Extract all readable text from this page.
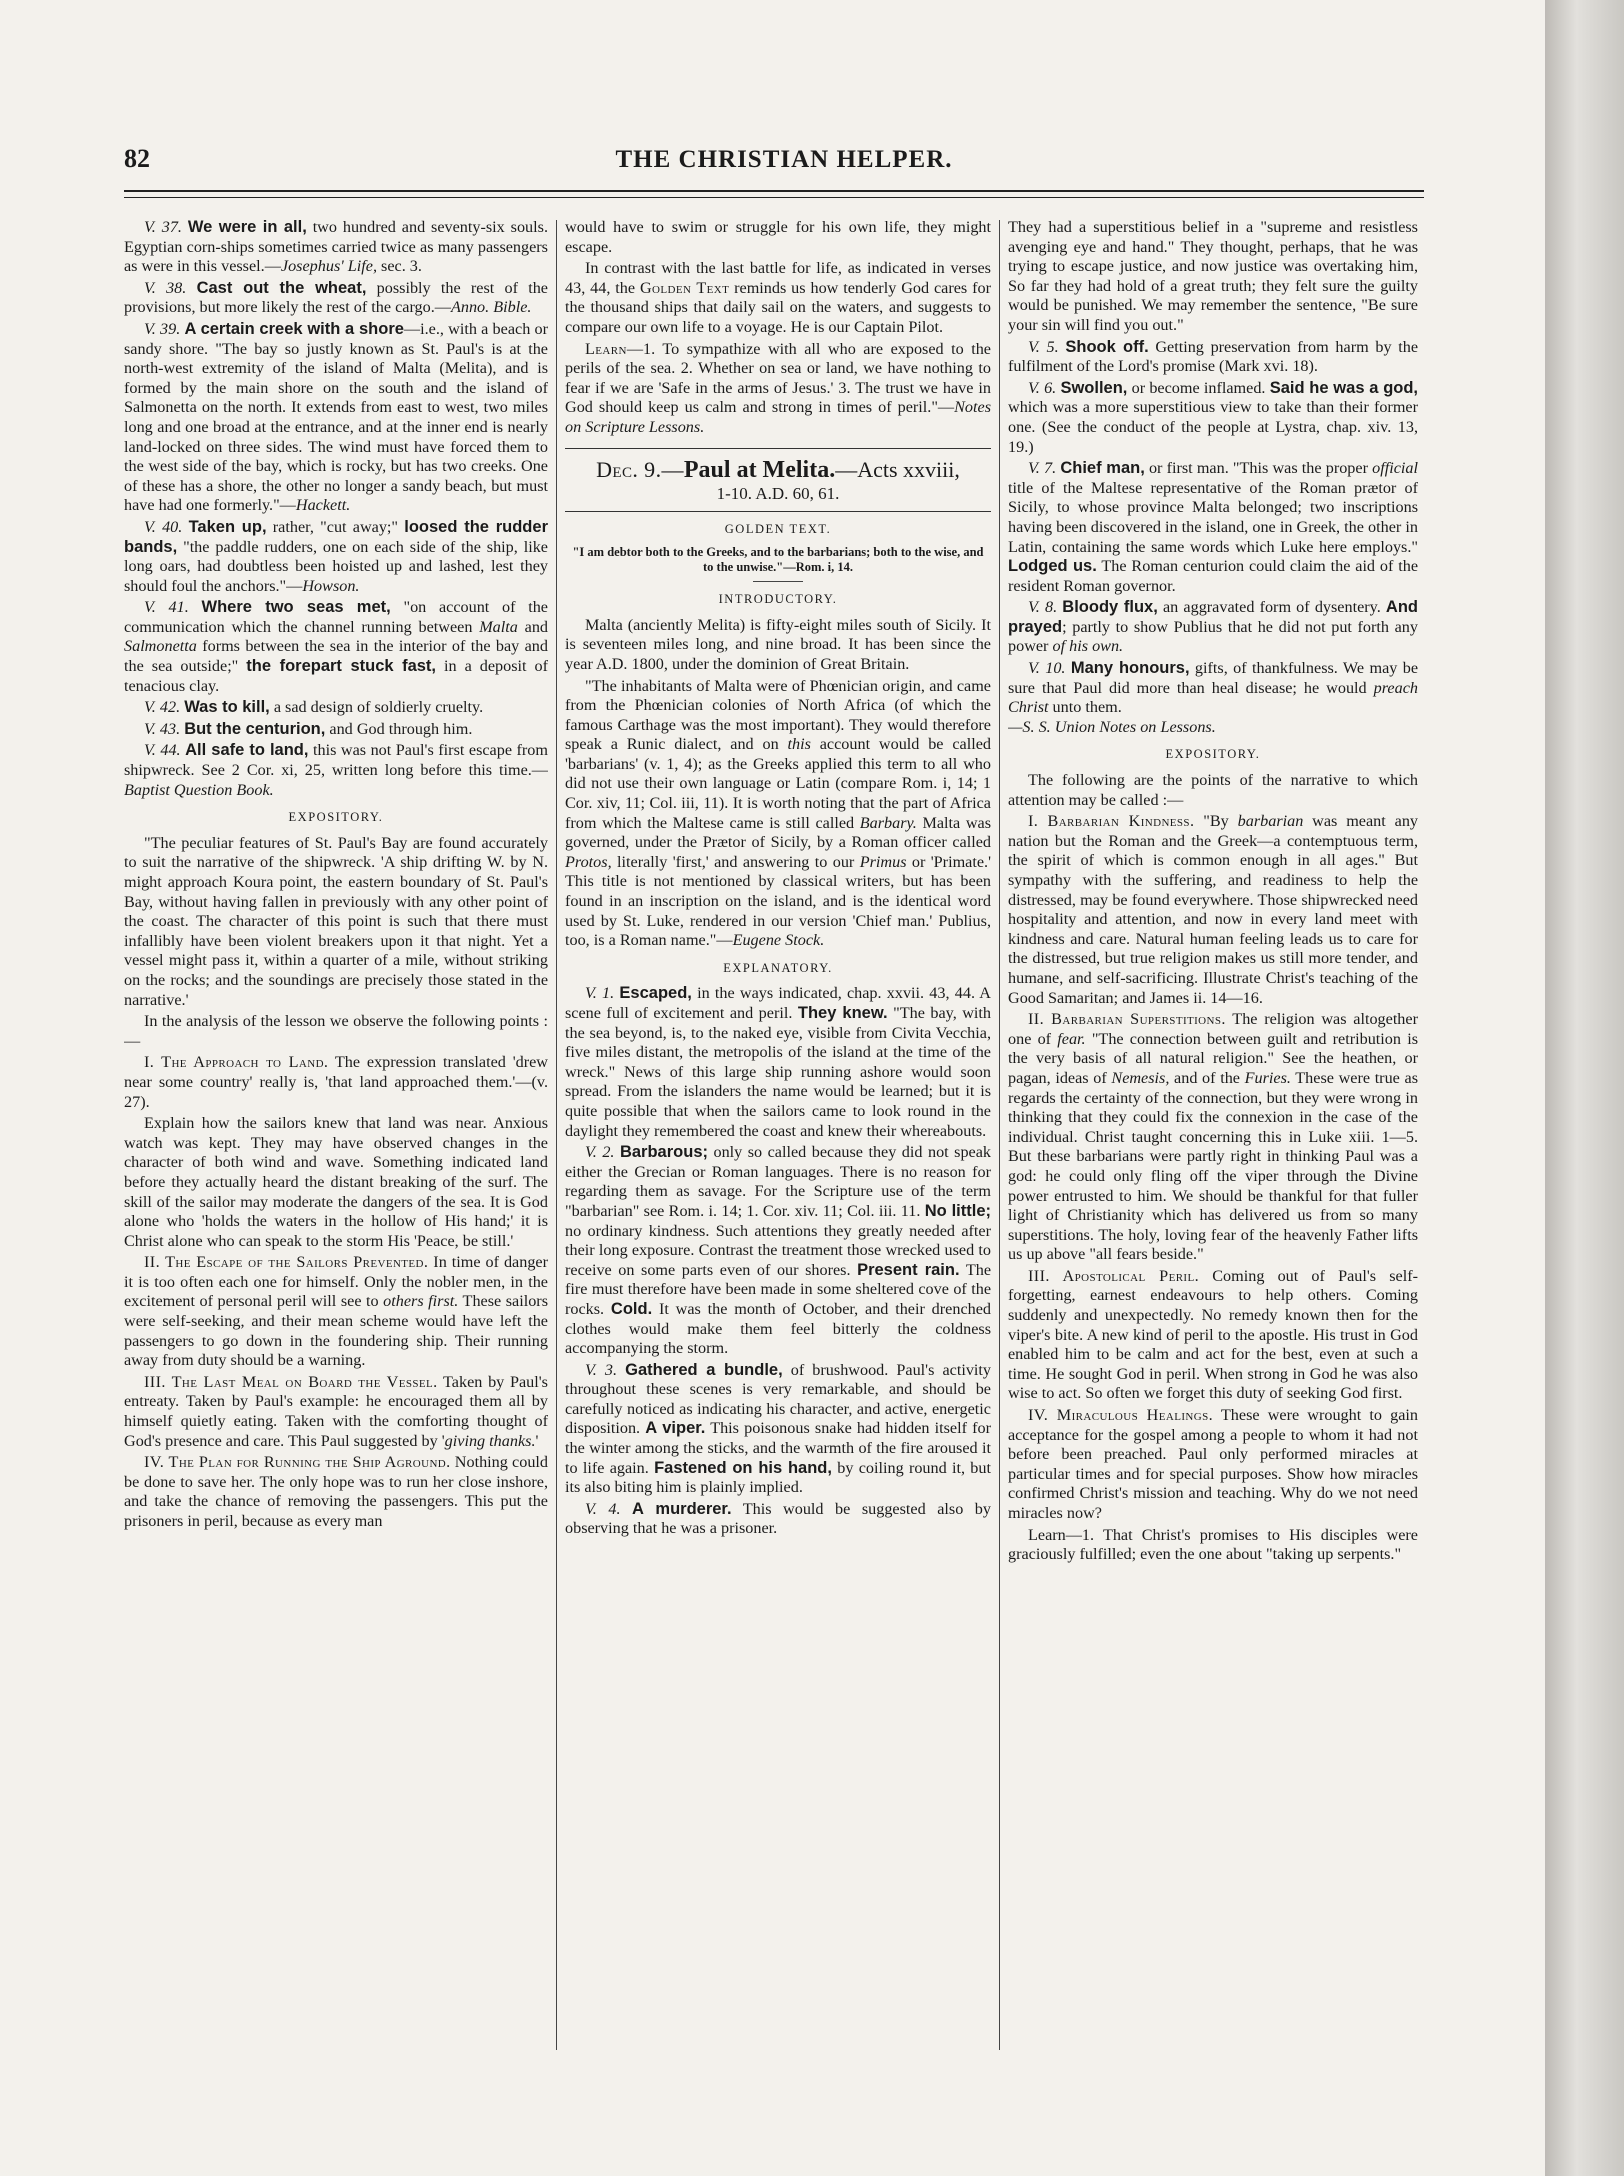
82	THE CHRISTIAN HELPER.

V. 37. We were in all, two hundred and seventy-six souls. Egyptian corn-ships sometimes carried twice as many passengers as were in this vessel.—Josephus' Life, sec. 3.

V. 38. Cast out the wheat, possibly the rest of the provisions, but more likely the rest of the cargo.—Anno. Bible.

V. 39. A certain creek with a shore—i.e., with a beach or sandy shore. "The bay so justly known as St. Paul's is at the north-west extremity of the island of Malta (Melita), and is formed by the main shore on the south and the island of Salmonetta on the north. It extends from east to west, two miles long and one broad at the entrance, and at the inner end is nearly land-locked on three sides. The wind must have forced them to the west side of the bay, which is rocky, but has two creeks. One of these has a shore, the other no longer a sandy beach, but must have had one formerly."—Hackett.

V. 40. Taken up, rather, "cut away;" loosed the rudder bands, "the paddle rudders, one on each side of the ship, like long oars, had doubtless been hoisted up and lashed, lest they should foul the anchors."—Howson.

V. 41. Where two seas met, "on account of the communication which the channel running between Malta and Salmonetta forms between the sea in the interior of the bay and the sea outside;" the forepart stuck fast, in a deposit of tenacious clay.

V. 42. Was to kill, a sad design of soldierly cruelty.

V. 43. But the centurion, and God through him.

V. 44. All safe to land, this was not Paul's first escape from shipwreck. See 2 Cor. xi, 25, written long before this time.—Baptist Question Book.

EXPOSITORY.

"The peculiar features of St. Paul's Bay are found accurately to suit the narrative of the shipwreck. 'A ship drifting W. by N. might approach Koura point, the eastern boundary of St. Paul's Bay, without having fallen in previously with any other point of the coast. The character of this point is such that there must infallibly have been violent breakers upon it that night. Yet a vessel might pass it, within a quarter of a mile, without striking on the rocks; and the soundings are precisely those stated in the narrative.'

In the analysis of the lesson we observe the following points :—

I. The Approach to Land. The expression translated 'drew near some country' really is, 'that land approached them.'—(v. 27).

Explain how the sailors knew that land was near. Anxious watch was kept. They may have observed changes in the character of both wind and wave. Something indicated land before they actually heard the distant breaking of the surf. The skill of the sailor may moderate the dangers of the sea. It is God alone who 'holds the waters in the hollow of His hand;' it is Christ alone who can speak to the storm His 'Peace, be still.'

II. The Escape of the Sailors Prevented. In time of danger it is too often each one for himself. Only the nobler men, in the excitement of personal peril will see to others first. These sailors were self-seeking, and their mean scheme would have left the passengers to go down in the foundering ship. Their running away from duty should be a warning.

III. The Last Meal on Board the Vessel. Taken by Paul's entreaty. Taken by Paul's example: he encouraged them all by himself quietly eating. Taken with the comforting thought of God's presence and care. This Paul suggested by 'giving thanks.'

IV. The Plan for Running the Ship Aground. Nothing could be done to save her. The only hope was to run her close inshore, and take the chance of removing the passengers. This put the prisoners in peril, because as every man

would have to swim or struggle for his own life, they might escape.

In contrast with the last battle for life, as indicated in verses 43, 44, the Golden Text reminds us how tenderly God cares for the thousand ships that daily sail on the waters, and suggests to compare our own life to a voyage. He is our Captain Pilot.

Learn—1. To sympathize with all who are exposed to the perils of the sea. 2. Whether on sea or land, we have nothing to fear if we are 'Safe in the arms of Jesus.' 3. The trust we have in God should keep us calm and strong in times of peril."—Notes on Scripture Lessons.

Dec. 9.—Paul at Melita.—Acts xxviii,
1-10. A.D. 60, 61.
GOLDEN TEXT.
"I am debtor both to the Greeks, and to the barbarians; both to the wise, and to the unwise."—Rom. i, 14.
INTRODUCTORY.

Malta (anciently Melita) is fifty-eight miles south of Sicily. It is seventeen miles long, and nine broad. It has been since the year A.D. 1800, under the dominion of Great Britain.

"The inhabitants of Malta were of Phœnician origin, and came from the Phœnician colonies of North Africa (of which the famous Carthage was the most important). They would therefore speak a Runic dialect, and on this account would be called 'barbarians' (v. 1, 4); as the Greeks applied this term to all who did not use their own language or Latin (compare Rom. i, 14; 1 Cor. xiv, 11; Col. iii, 11). It is worth noting that the part of Africa from which the Maltese came is still called Barbary. Malta was governed, under the Prætor of Sicily, by a Roman officer called Protos, literally 'first,' and answering to our Primus or 'Primate.' This title is not mentioned by classical writers, but has been found in an inscription on the island, and is the identical word used by St. Luke, rendered in our version 'Chief man.' Publius, too, is a Roman name."—Eugene Stock.

EXPLANATORY.

V. 1. Escaped, in the ways indicated, chap. xxvii. 43, 44. A scene full of excitement and peril. They knew. "The bay, with the sea beyond, is, to the naked eye, visible from Civita Vecchia, five miles distant, the metropolis of the island at the time of the wreck." News of this large ship running ashore would soon spread. From the islanders the name would be learned; but it is quite possible that when the sailors came to look round in the daylight they remembered the coast and knew their whereabouts.

V. 2. Barbarous; only so called because they did not speak either the Grecian or Roman languages. There is no reason for regarding them as savage. For the Scripture use of the term "barbarian" see Rom. i. 14; 1. Cor. xiv. 11; Col. iii. 11. No little; no ordinary kindness. Such attentions they greatly needed after their long exposure. Contrast the treatment those wrecked used to receive on some parts even of our shores. Present rain. The fire must therefore have been made in some sheltered cove of the rocks. Cold. It was the month of October, and their drenched clothes would make them feel bitterly the coldness accompanying the storm.

V. 3. Gathered a bundle, of brushwood. Paul's activity throughout these scenes is very remarkable, and should be carefully noticed as indicating his character, and active, energetic disposition. A viper. This poisonous snake had hidden itself for the winter among the sticks, and the warmth of the fire aroused it to life again. Fastened on his hand, by coiling round it, but its also biting him is plainly implied.

V. 4. A murderer. This would be suggested also by observing that he was a prisoner.

They had a superstitious belief in a "supreme and resistless avenging eye and hand." They thought, perhaps, that he was trying to escape justice, and now justice was overtaking him, So far they had hold of a great truth; they felt sure the guilty would be punished. We may remember the sentence, "Be sure your sin will find you out."

V. 5. Shook off. Getting preservation from harm by the fulfilment of the Lord's promise (Mark xvi. 18).

V. 6. Swollen, or become inflamed. Said he was a god, which was a more superstitious view to take than their former one. (See the conduct of the people at Lystra, chap. xiv. 13, 19.)

V. 7. Chief man, or first man. "This was the proper official title of the Maltese representative of the Roman prætor of Sicily, to whose province Malta belonged; two inscriptions having been discovered in the island, one in Greek, the other in Latin, containing the same words which Luke here employs." Lodged us. The Roman centurion could claim the aid of the resident Roman governor.

V. 8. Bloody flux, an aggravated form of dysentery. And prayed; partly to show Publius that he did not put forth any power of his own.

V. 10. Many honours, gifts, of thankfulness. We may be sure that Paul did more than heal disease; he would preach Christ unto them.
—S. S. Union Notes on Lessons.

EXPOSITORY.

The following are the points of the narrative to which attention may be called :—

I. Barbarian Kindness. "By barbarian was meant any nation but the Roman and the Greek—a contemptuous term, the spirit of which is common enough in all ages." But sympathy with the suffering, and readiness to help the distressed, may be found everywhere. Those shipwrecked need hospitality and attention, and now in every land meet with kindness and care. Natural human feeling leads us to care for the distressed, but true religion makes us still more tender, and humane, and self-sacrificing. Illustrate Christ's teaching of the Good Samaritan; and James ii. 14—16.

II. Barbarian Superstitions. The religion was altogether one of fear. "The connection between guilt and retribution is the very basis of all natural religion." See the heathen, or pagan, ideas of Nemesis, and of the Furies. These were true as regards the certainty of the connection, but they were wrong in thinking that they could fix the connexion in the case of the individual. Christ taught concerning this in Luke xiii. 1—5. But these barbarians were partly right in thinking Paul was a god: he could only fling off the viper through the Divine power entrusted to him. We should be thankful for that fuller light of Christianity which has delivered us from so many superstitions. The holy, loving fear of the heavenly Father lifts us up above "all fears beside."

III. Apostolical Peril. Coming out of Paul's self-forgetting, earnest endeavours to help others. Coming suddenly and unexpectedly. No remedy known then for the viper's bite. A new kind of peril to the apostle. His trust in God enabled him to be calm and act for the best, even at such a time. He sought God in peril. When strong in God he was also wise to act. So often we forget this duty of seeking God first.

IV. Miraculous Healings. These were wrought to gain acceptance for the gospel among a people to whom it had not before been preached. Paul only performed miracles at particular times and for special purposes. Show how miracles confirmed Christ's mission and teaching. Why do we not need miracles now?

Learn—1. That Christ's promises to His disciples were graciously fulfilled; even the one about "taking up serpents."
